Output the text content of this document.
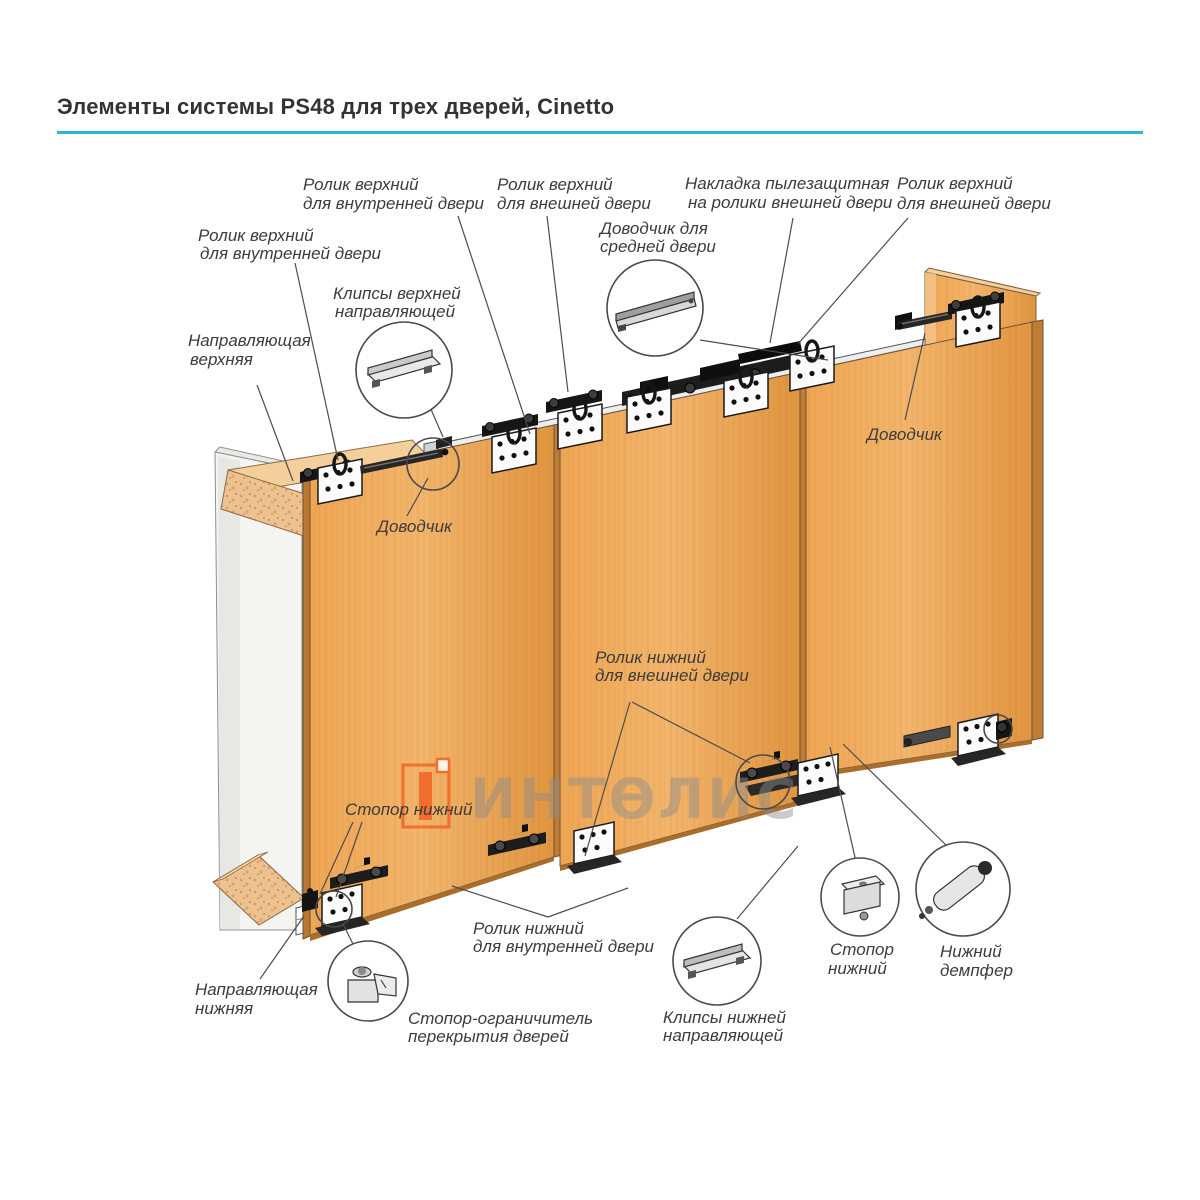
Элементы системы PS48 для трех дверей, Cinetto
ИНТѲЛИС
Ролик верхний
для внутренней двери
Ролик верхний
для внешней двери
Накладка пылезащитная
на ролики внешней двери
Ролик верхний
для внешней двери
Ролик верхний
для внутренней двери
Доводчик для
средней двери
Клипсы верхней
направляющей
Направляющая
верхняя
Доводчик
Доводчик
Ролик нижний
для внешней двери
Стопор нижний
Направляющая
нижняя
Ролик нижний
для внутренней двери
Стопор-ограничитель
перекрытия дверей
Клипсы нижней
направляющей
Стопор
нижний
Нижний
демпфер
